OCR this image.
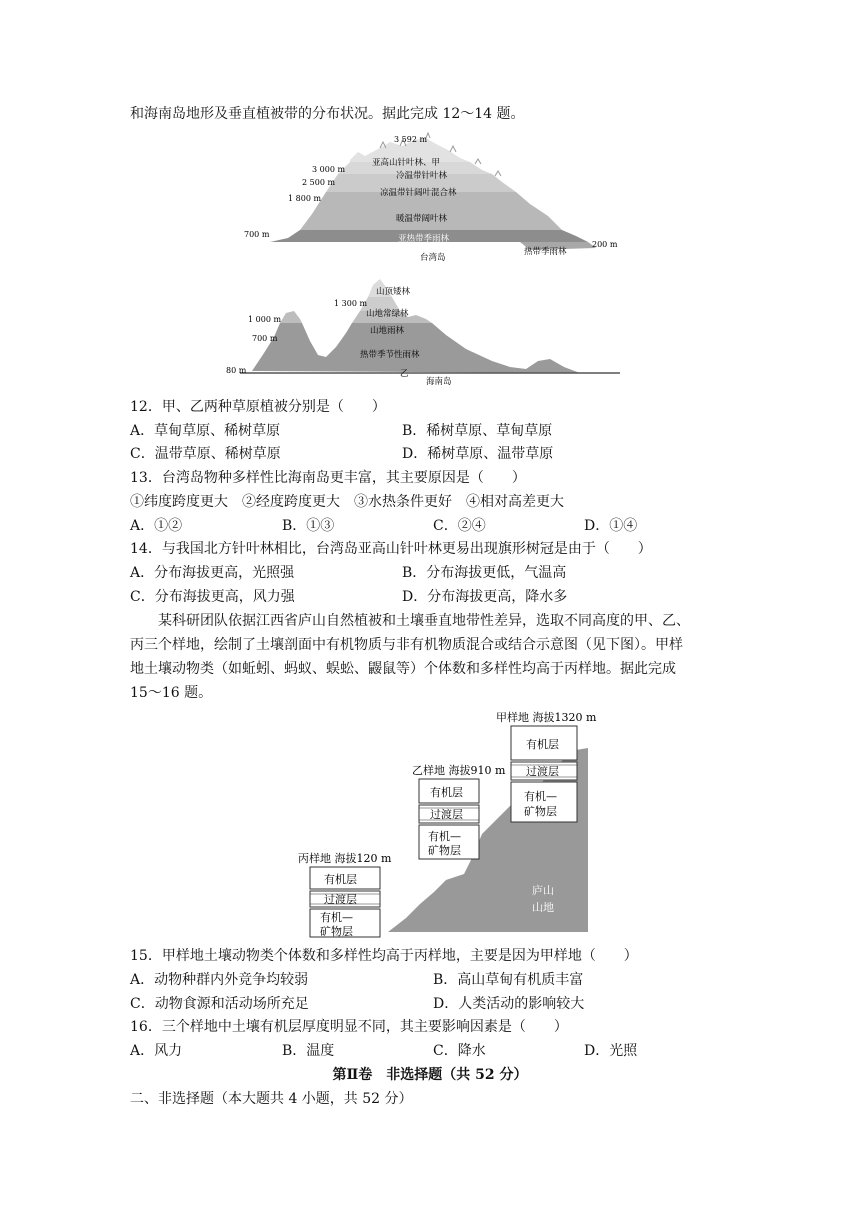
和海南岛地形及垂直植被带的分布状况。据此完成 12～14 题。
3 592 m
3 000 m
2 500 m
1 800 m
700 m
200 m
亚高山针叶林、甲
冷温带针叶林
凉温带针阔叶混合林
暖温带阔叶林
亚热带季雨林
热带季雨林
台湾岛
1 300 m
1 000 m
700 m
80 m
山顶矮林
山地常绿林
山地雨林
热带季节性雨林
乙
海南岛
12．甲、乙两种草原植被分别是（　　）
A．草甸草原、稀树草原	B．稀树草原、草甸草原
C．温带草原、稀树草原	D．稀树草原、温带草原
13．台湾岛物种多样性比海南岛更丰富，其主要原因是（　　）
①纬度跨度更大　②经度跨度更大　③水热条件更好　④相对高差更大
A．①②	B．①③	C．②④	D．①④
14．与我国北方针叶林相比，台湾岛亚高山针叶林更易出现旗形树冠是由于（　　）
A．分布海拔更高，光照强	B．分布海拔更低，气温高
C．分布海拔更高，风力强	D．分布海拔更高，降水多
某科研团队依据江西省庐山自然植被和土壤垂直地带性差异，选取不同高度的甲、乙、
丙三个样地，绘制了土壤剖面中有机物质与非有机物质混合或结合示意图（见下图）。甲样
地土壤动物类（如蚯蚓、蚂蚁、蜈蚣、鼹鼠等）个体数和多样性均高于丙样地。据此完成
15～16 题。
庐山
山地
甲样地 海拔1320 m
有机层
过渡层
有机—
矿物层
乙样地 海拔910 m
有机层
过渡层
有机—
矿物层
丙样地 海拔120 m
有机层
过渡层
有机—
矿物层
15．甲样地土壤动物类个体数和多样性均高于丙样地，主要是因为甲样地（　　）
A．动物种群内外竞争均较弱	B．高山草甸有机质丰富
C．动物食源和活动场所充足	D．人类活动的影响较大
16．三个样地中土壤有机层厚度明显不同，其主要影响因素是（　　）
A．风力	B．温度	C．降水	D．光照
第Ⅱ卷　非选择题（共 52 分）
二、非选择题（本大题共 4 小题，共 52 分）
